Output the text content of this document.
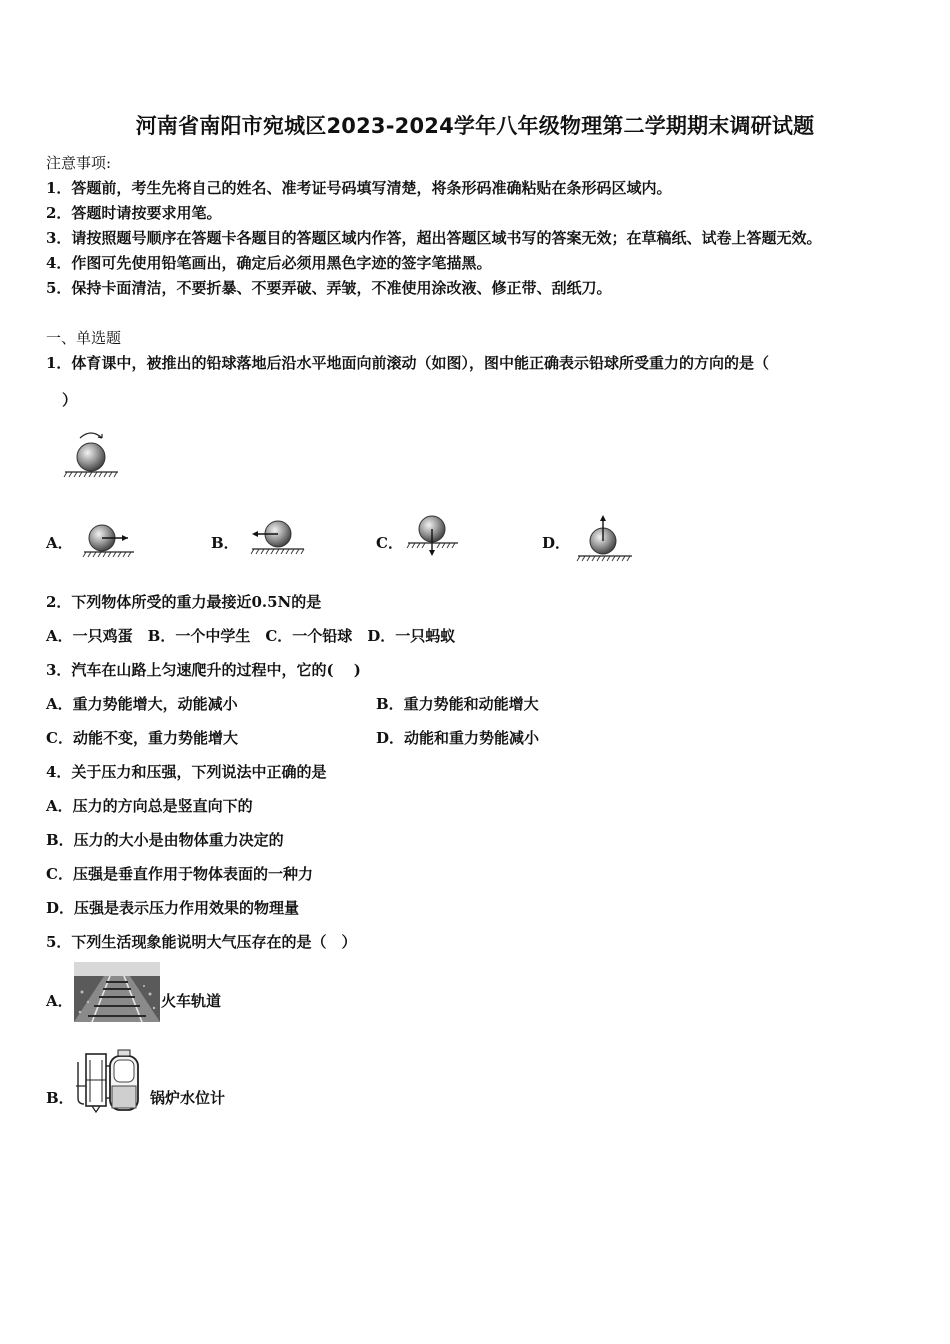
河南省南阳市宛城区2023-2024学年八年级物理第二学期期末调研试题
注意事项:
1．答题前，考生先将自己的姓名、准考证号码填写清楚，将条形码准确粘贴在条形码区域内。
2．答题时请按要求用笔。
3．请按照题号顺序在答题卡各题目的答题区域内作答，超出答题区域书写的答案无效；在草稿纸、试卷上答题无效。
4．作图可先使用铅笔画出，确定后必须用黑色字迹的签字笔描黑。
5．保持卡面清洁，不要折暴、不要弄破、弄皱，不准使用涂改液、修正带、刮纸刀。
一、单选题
1．体育课中，被推出的铅球落地后沿水平地面向前滚动（如图），图中能正确表示铅球所受重力的方向的是（
）
A．	B．	C．	D．
2．下列物体所受的重力最接近0.5N的是
A．一只鸡蛋　B．一个中学生　C．一个铅球　D．一只蚂蚁
3．汽车在山路上匀速爬升的过程中，它的(　 )
A．重力势能增大，动能减小	B．重力势能和动能增大
C．动能不变，重力势能增大	D．动能和重力势能减小
4．关于压力和压强，下列说法中正确的是
A．压力的方向总是竖直向下的
B．压力的大小是由物体重力决定的
C．压强是垂直作用于物体表面的一种力
D．压强是表示压力作用效果的物理量
5．下列生活现象能说明大气压存在的是（　）
A．	火车轨道
B．	锅炉水位计
